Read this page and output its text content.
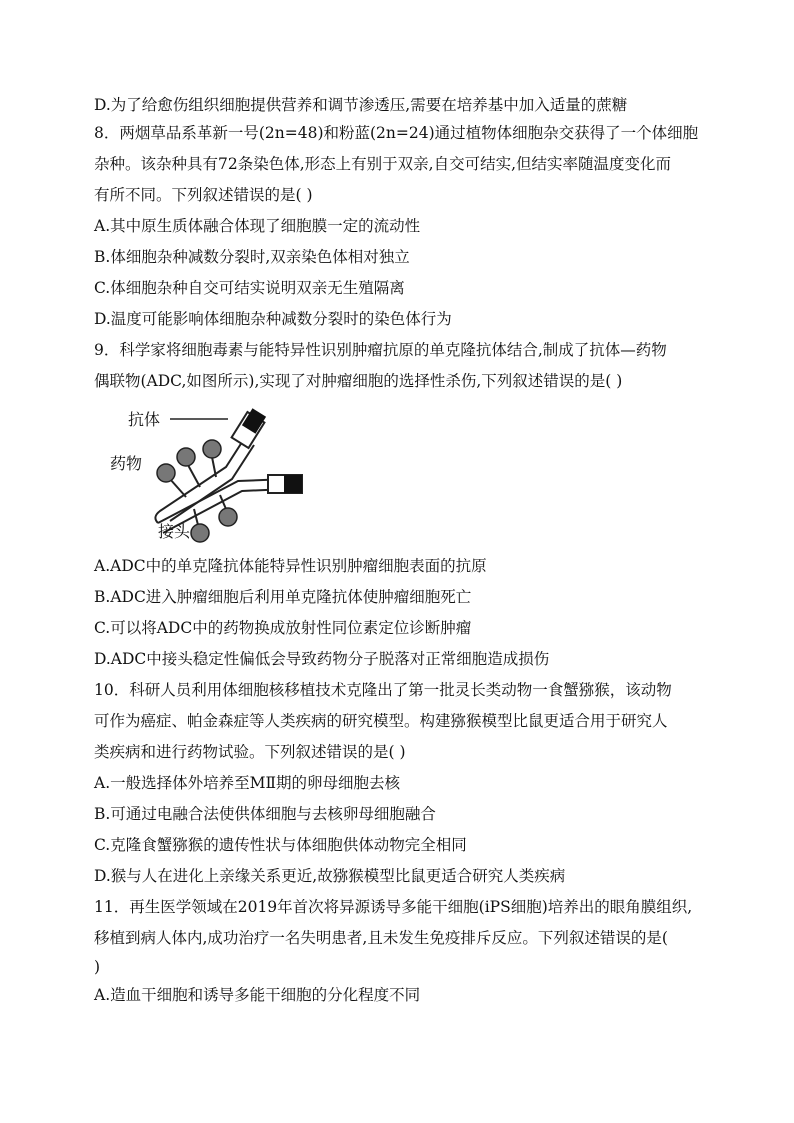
D.为了给愈伤组织细胞提供营养和调节渗透压,需要在培养基中加入适量的蔗糖
8．两烟草品系革新一号(2n=48)和粉蓝(2n=24)通过植物体细胞杂交获得了一个体细胞
杂种。该杂种具有72条染色体,形态上有别于双亲,自交可结实,但结实率随温度变化而
有所不同。下列叙述错误的是( )
A.其中原生质体融合体现了细胞膜一定的流动性
B.体细胞杂种减数分裂时,双亲染色体相对独立
C.体细胞杂种自交可结实说明双亲无生殖隔离
D.温度可能影响体细胞杂种减数分裂时的染色体行为
9．科学家将细胞毒素与能特异性识别肿瘤抗原的单克隆抗体结合,制成了抗体—药物
偶联物(ADC,如图所示),实现了对肿瘤细胞的选择性杀伤,下列叙述错误的是( )
抗体
药物
接头
A.ADC中的单克隆抗体能特异性识别肿瘤细胞表面的抗原
B.ADC进入肿瘤细胞后利用单克隆抗体使肿瘤细胞死亡
C.可以将ADC中的药物换成放射性同位素定位诊断肿瘤
D.ADC中接头稳定性偏低会导致药物分子脱落对正常细胞造成损伤
10．科研人员利用体细胞核移植技术克隆出了第一批灵长类动物一食蟹猕猴，该动物
可作为癌症、帕金森症等人类疾病的研究模型。构建猕猴模型比鼠更适合用于研究人
类疾病和进行药物试验。下列叙述错误的是( )
A.一般选择体外培养至MⅡ期的卵母细胞去核
B.可通过电融合法使供体细胞与去核卵母细胞融合
C.克隆食蟹猕猴的遗传性状与体细胞供体动物完全相同
D.猴与人在进化上亲缘关系更近,故猕猴模型比鼠更适合研究人类疾病
11．再生医学领域在2019年首次将异源诱导多能干细胞(iPS细胞)培养出的眼角膜组织,
移植到病人体内,成功治疗一名失明患者,且未发生免疫排斥反应。下列叙述错误的是(
)
A.造血干细胞和诱导多能干细胞的分化程度不同
